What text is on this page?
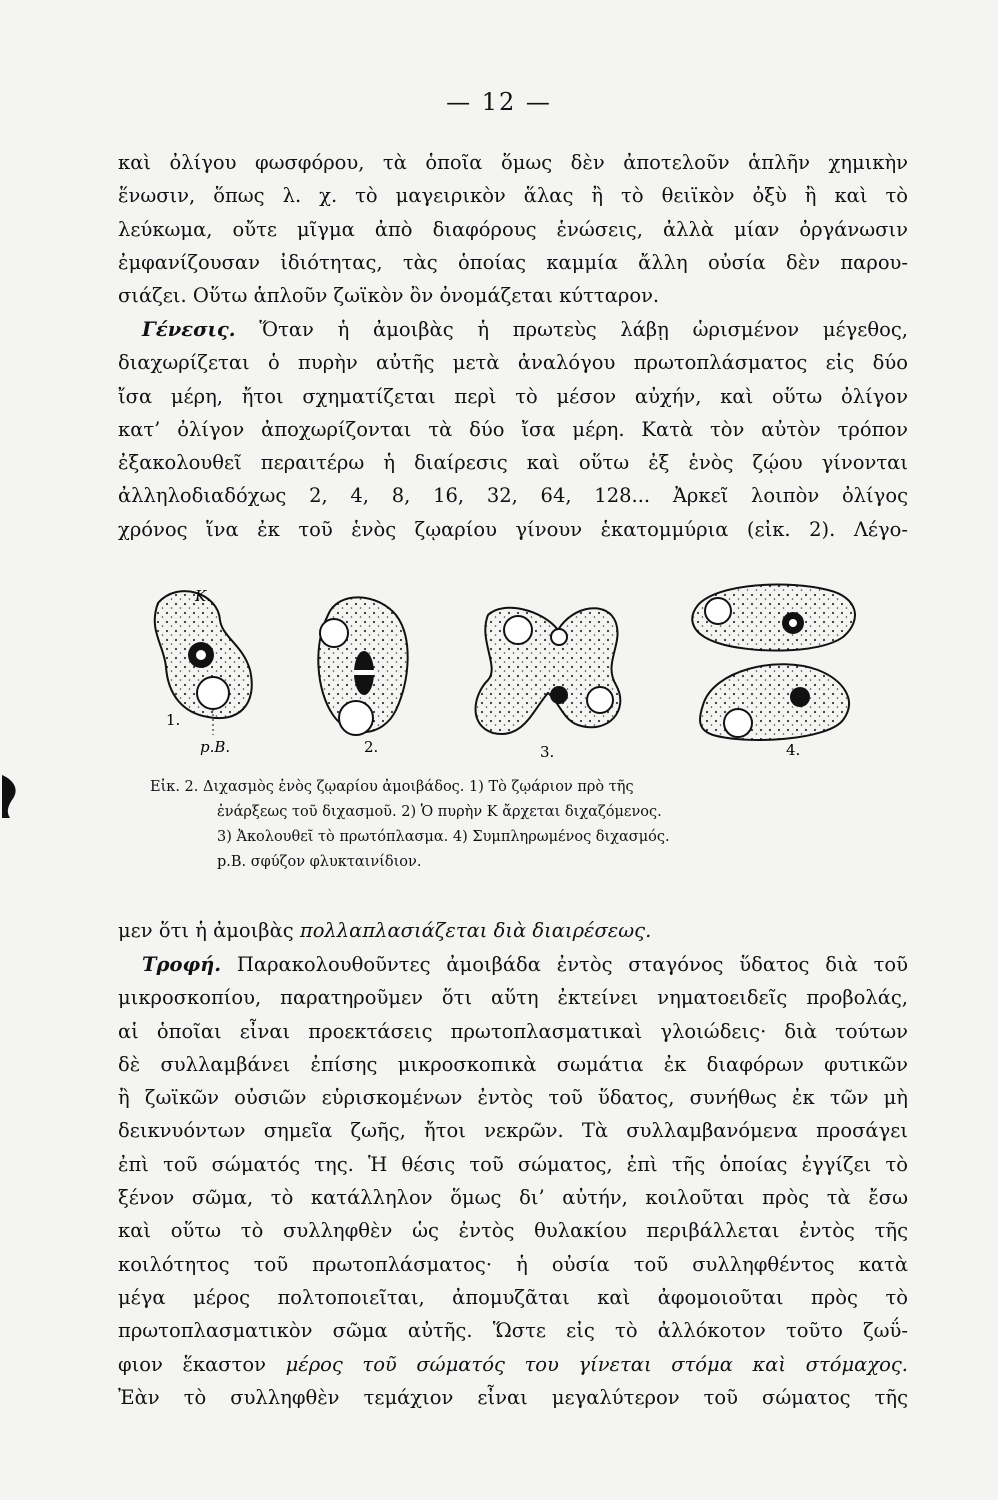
— 12 —

καὶ ὀλίγου φωσφόρου, τὰ ὁποῖα ὅμως δὲν ἀποτελοῦν ἁπλῆν χημικὴν
ἕνωσιν, ὅπως λ. χ. τὸ μαγειρικὸν ἅλας ἢ τὸ θειϊκὸν ὀξὺ ἢ καὶ τὸ
λεύκωμα, οὔτε μῖγμα ἀπὸ διαφόρους ἑνώσεις, ἀλλὰ μίαν ὀργάνωσιν
ἐμφανίζουσαν ἰδιότητας, τὰς ὁποίας καμμία ἄλλη οὐσία δὲν παρου-
σιάζει. Οὕτω ἁπλοῦν ζωϊκὸν ὂν ὀνομάζεται κύτταρον.

Γένεσις. Ὅταν ἡ ἀμοιβὰς ἡ πρωτεὺς λάβῃ ὡρισμένον μέγεθος,
διαχωρίζεται ὁ πυρὴν αὐτῆς μετὰ ἀναλόγου πρωτοπλάσματος εἰς δύο
ἴσα μέρη, ἤτοι σχηματίζεται περὶ τὸ μέσον αὐχήν, καὶ οὕτω ὀλίγον
κατ’ ὀλίγον ἀποχωρίζονται τὰ δύο ἴσα μέρη. Κατὰ τὸν αὐτὸν τρόπον
ἐξακολουθεῖ περαιτέρω ἡ διαίρεσις καὶ οὕτω ἐξ ἑνὸς ζῴου γίνονται
ἀλληλοδιαδόχως 2, 4, 8, 16, 32, 64, 128... Ἀρκεῖ λοιπὸν ὀλίγος
χρόνος ἵνα ἐκ τοῦ ἑνὸς ζῳαρίου γίνουν ἑκατομμύρια (εἰκ. 2). Λέγο-

Κ.
1.
p.B.	2.	3.	4.

Εἰκ. 2. Διχασμὸς ἑνὸς ζῳαρίου ἀμοιβάδος. 1) Τὸ ζῳάριον πρὸ τῆς
ἐνάρξεως τοῦ διχασμοῦ. 2) Ὁ πυρὴν Κ ἄρχεται διχαζόμενος.
3) Ἀκολουθεῖ τὸ πρωτόπλασμα. 4) Συμπληρωμένος διχασμός.
p.B. σφύζον φλυκταινίδιον.

μεν ὅτι ἡ ἀμοιβὰς πολλαπλασιάζεται διὰ διαιρέσεως.

Τροφή. Παρακολουθοῦντες ἀμοιβάδα ἐντὸς σταγόνος ὕδατος διὰ τοῦ
μικροσκοπίου, παρατηροῦμεν ὅτι αὕτη ἐκτείνει νηματοειδεῖς προβολάς,
αἱ ὁποῖαι εἶναι προεκτάσεις πρωτοπλασματικαὶ γλοιώδεις· διὰ τούτων
δὲ συλλαμβάνει ἐπίσης μικροσκοπικὰ σωμάτια ἐκ διαφόρων φυτικῶν
ἢ ζωϊκῶν οὐσιῶν εὑρισκομένων ἐντὸς τοῦ ὕδατος, συνήθως ἐκ τῶν μὴ
δεικνυόντων σημεῖα ζωῆς, ἤτοι νεκρῶν. Τὰ συλλαμβανόμενα προσάγει
ἐπὶ τοῦ σώματός της. Ἡ θέσις τοῦ σώματος, ἐπὶ τῆς ὁποίας ἐγγίζει τὸ
ξένον σῶμα, τὸ κατάλληλον ὅμως δι’ αὐτήν, κοιλοῦται πρὸς τὰ ἔσω
καὶ οὕτω τὸ συλληφθὲν ὡς ἐντὸς θυλακίου περιβάλλεται ἐντὸς τῆς
κοιλότητος τοῦ πρωτοπλάσματος· ἡ οὐσία τοῦ συλληφθέντος κατὰ
μέγα μέρος πολτοποιεῖται, ἀπομυζᾶται καὶ ἀφομοιοῦται πρὸς τὸ
πρωτοπλασματικὸν σῶμα αὐτῆς. Ὥστε εἰς τὸ ἀλλόκοτον τοῦτο ζωΰ-
φιον ἕκαστον μέρος τοῦ σώματός του γίνεται στόμα καὶ στόμαχος.
Ἐὰν τὸ συλληφθὲν τεμάχιον εἶναι μεγαλύτερον τοῦ σώματος τῆς
